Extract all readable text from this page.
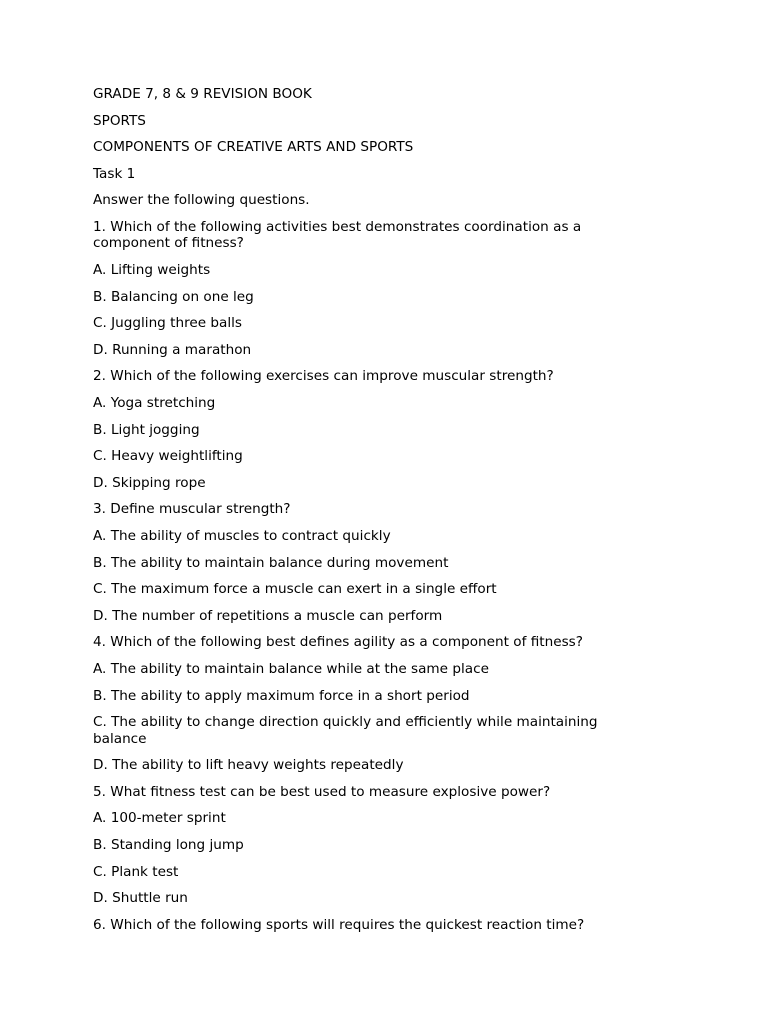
GRADE 7, 8 & 9 REVISION BOOK

SPORTS

COMPONENTS OF CREATIVE ARTS AND SPORTS

Task 1

Answer the following questions.

1. Which of the following activities best demonstrates coordination as a component of fitness?

A. Lifting weights

B. Balancing on one leg

C. Juggling three balls

D. Running a marathon

2. Which of the following exercises can improve muscular strength?

A. Yoga stretching

B. Light jogging

C. Heavy weightlifting

D. Skipping rope

3. Define muscular strength?

A. The ability of muscles to contract quickly

B. The ability to maintain balance during movement

C. The maximum force a muscle can exert in a single effort

D. The number of repetitions a muscle can perform

4. Which of the following best defines agility as a component of fitness?

A. The ability to maintain balance while at the same place

B. The ability to apply maximum force in a short period

C. The ability to change direction quickly and efficiently while maintaining balance

D. The ability to lift heavy weights repeatedly

5. What fitness test can be best used to measure explosive power?

A. 100-meter sprint

B. Standing long jump

C. Plank test

D. Shuttle run

6. Which of the following sports will requires the quickest reaction time?
